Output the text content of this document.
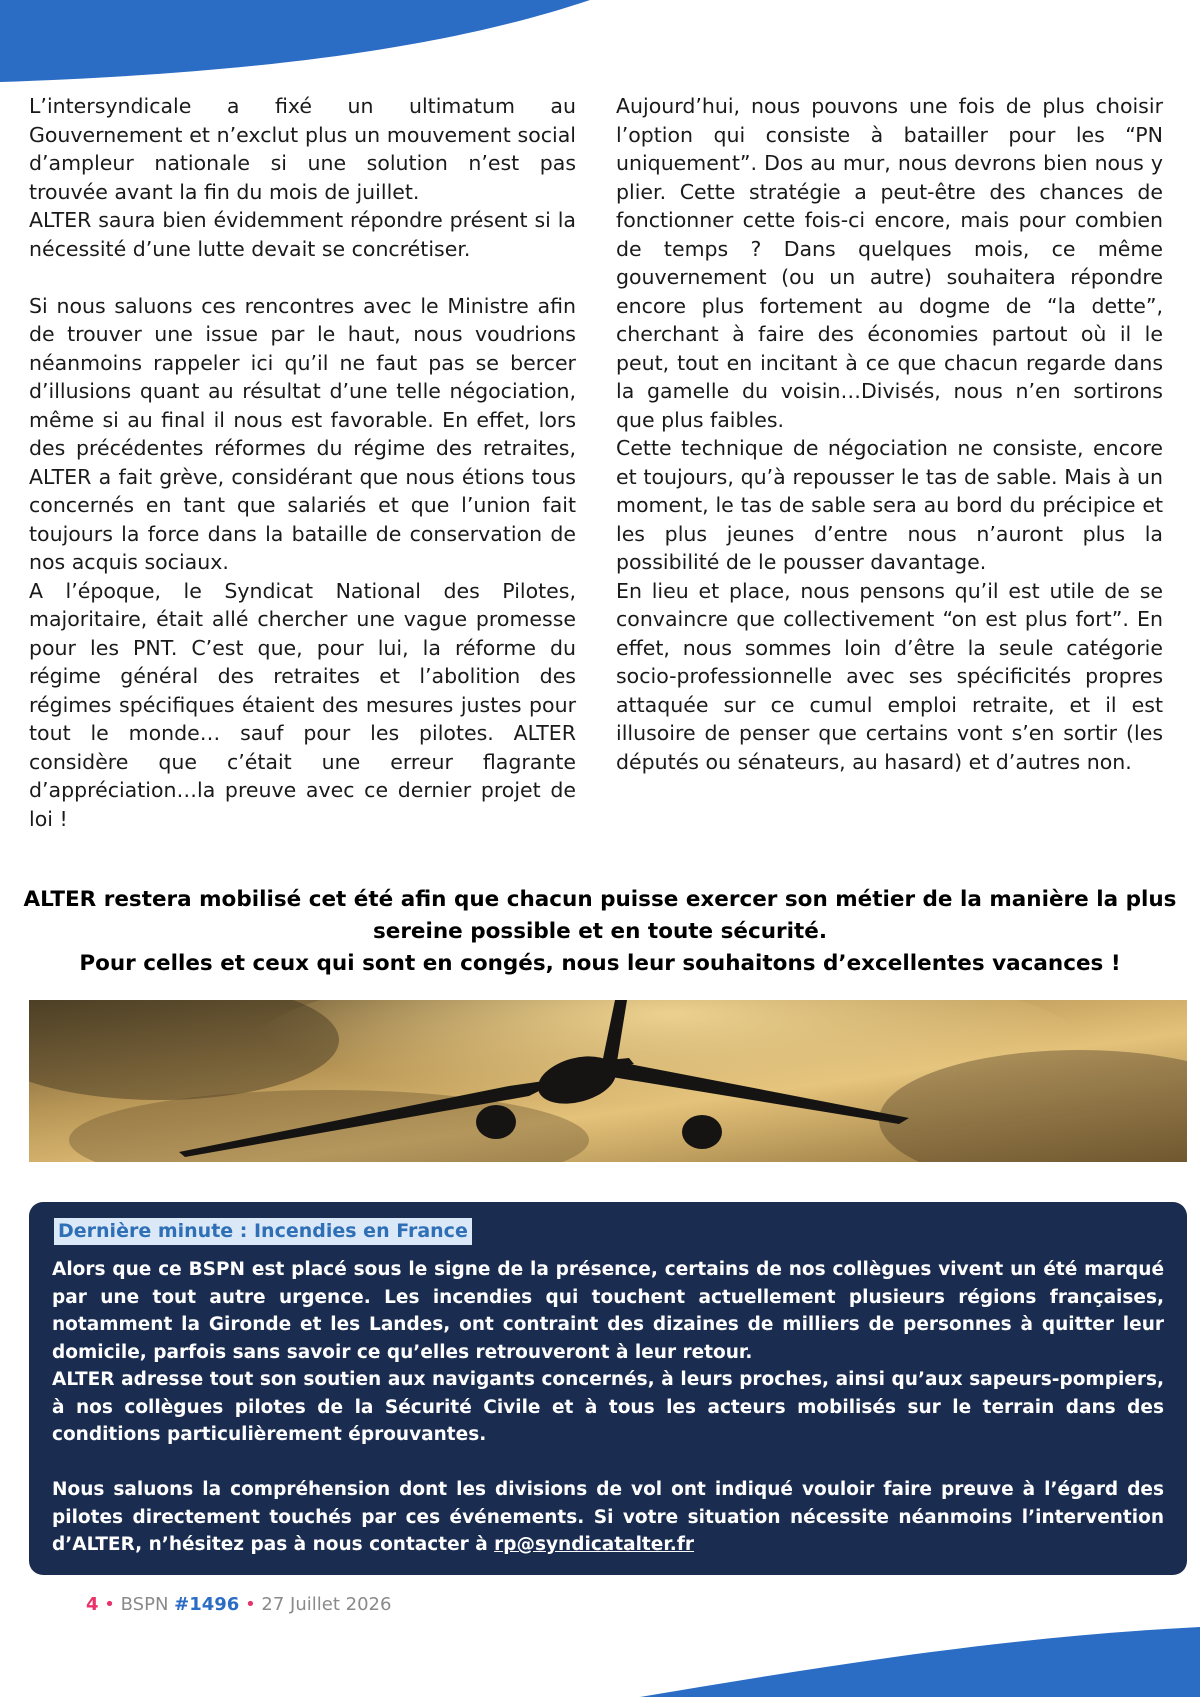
L’intersyndicale a fixé un ultimatum au Gouvernement et n’exclut plus un mouvement social d’ampleur nationale si une solution n’est pas trouvée avant la fin du mois de juillet.

ALTER saura bien évidemment répondre présent si la nécessité d’une lutte devait se concrétiser.

Si nous saluons ces rencontres avec le Ministre afin de trouver une issue par le haut, nous voudrions néanmoins rappeler ici qu’il ne faut pas se bercer d’illusions quant au résultat d’une telle négociation, même si au final il nous est favorable. En effet, lors des précédentes réformes du régime des retraites, ALTER a fait grève, considérant que nous étions tous concernés en tant que salariés et que l’union fait toujours la force dans la bataille de conservation de nos acquis sociaux.

A l’époque, le Syndicat National des Pilotes, majoritaire, était allé chercher une vague promesse pour les PNT. C’est que, pour lui, la réforme du régime général des retraites et l’abolition des régimes spécifiques étaient des mesures justes pour tout le monde… sauf pour les pilotes. ALTER considère que c’était une erreur flagrante d’appréciation…la preuve avec ce dernier projet de loi !

Aujourd’hui, nous pouvons une fois de plus choisir l’option qui consiste à batailler pour les “PN uniquement”. Dos au mur, nous devrons bien nous y plier. Cette stratégie a peut-être des chances de fonctionner cette fois-ci encore, mais pour combien de temps ? Dans quelques mois, ce même gouvernement (ou un autre) souhaitera répondre encore plus fortement au dogme de “la dette”, cherchant à faire des économies partout où il le peut, tout en incitant à ce que chacun regarde dans la gamelle du voisin…Divisés, nous n’en sortirons que plus faibles.

Cette technique de négociation ne consiste, encore et toujours, qu’à repousser le tas de sable. Mais à un moment, le tas de sable sera au bord du précipice et les plus jeunes d’entre nous n’auront plus la possibilité de le pousser davantage.

En lieu et place, nous pensons qu’il est utile de se convaincre que collectivement “on est plus fort”. En effet, nous sommes loin d’être la seule catégorie socio-professionnelle avec ses spécificités propres attaquée sur ce cumul emploi retraite, et il est illusoire de penser que certains vont s’en sortir (les députés ou sénateurs, au hasard) et d’autres non.

ALTER restera mobilisé cet été afin que chacun puisse exercer son métier de la manière la plus sereine possible et en toute sécurité.

Pour celles et ceux qui sont en congés, nous leur souhaitons d’excellentes vacances !

Dernière minute : Incendies en France

Alors que ce BSPN est placé sous le signe de la présence, certains de nos collègues vivent un été marqué par une tout autre urgence. Les incendies qui touchent actuellement plusieurs régions françaises, notamment la Gironde et les Landes, ont contraint des dizaines de milliers de personnes à quitter leur domicile, parfois sans savoir ce qu’elles retrouveront à leur retour.

ALTER adresse tout son soutien aux navigants concernés, à leurs proches, ainsi qu’aux sapeurs-pompiers, à nos collègues pilotes de la Sécurité Civile et à tous les acteurs mobilisés sur le terrain dans des conditions particulièrement éprouvantes.

Nous saluons la compréhension dont les divisions de vol ont indiqué vouloir faire preuve à l’égard des pilotes directement touchés par ces événements. Si votre situation nécessite néanmoins l’intervention d’ALTER, n’hésitez pas à nous contacter à rp@syndicatalter.fr

4 • BSPN #1496 • 27 Juillet 2026
